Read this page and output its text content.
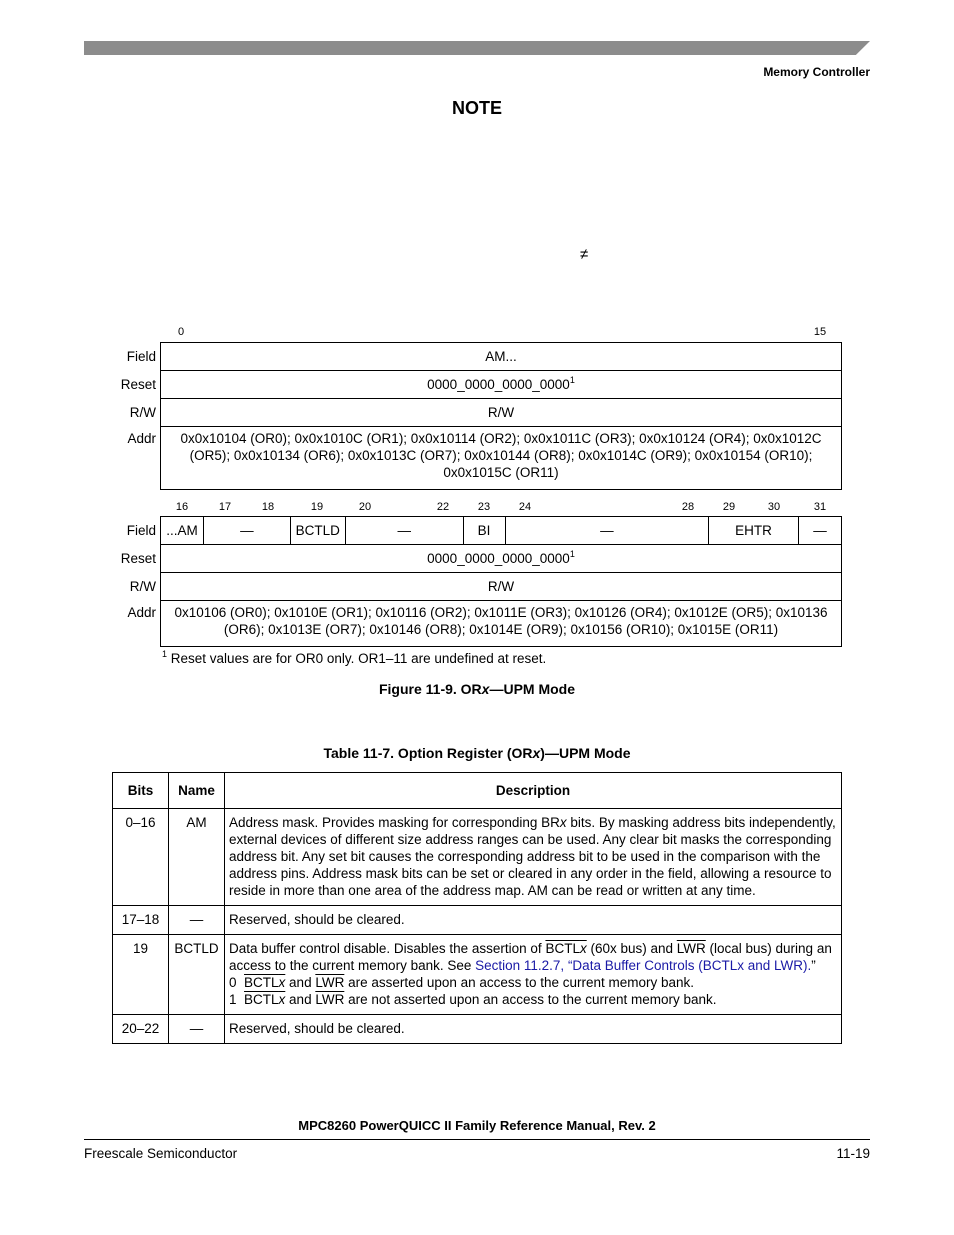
Memory Controller
NOTE
≠
0	15
Field	AM...
Reset	0000_0000_0000_0000$^1$
R/W	R/W
Addr	0x0x10104 (OR0); 0x0x1010C (OR1); 0x0x10114 (OR2); 0x0x1011C (OR3); 0x0x10124 (OR4); 0x0x1012C
(OR5); 0x0x10134 (OR6); 0x0x1013C (OR7); 0x0x10144 (OR8); 0x0x1014C (OR9); 0x0x10154 (OR10);
0x0x1015C (OR11)
16	17	18	19	20	22	23	24	28	29	30	31
Field	...AM	—	BCTLD	—	BI	—	EHTR	—
Reset	0000_0000_0000_0000$^1$
R/W	R/W							
Addr	0x10106 (OR0); 0x1010E (OR1); 0x10116 (OR2); 0x1011E (OR3); 0x10126 (OR4); 0x1012E (OR5); 0x10136
(OR6); 0x1013E (OR7); 0x10146 (OR8); 0x1014E (OR9); 0x10156 (OR10); 0x1015E (OR11)							
$^1$ Reset values are for OR0 only. OR1–11 are undefined at reset.
Figure 11-9. ORx—UPM Mode
Table 11-7. Option Register (ORx)—UPM Mode
Bits	Name	Description
0–16	AM	Address mask. Provides masking for corresponding BRx bits. By masking address bits independently, external devices of different size address ranges can be used. Any clear bit masks the corresponding address bit. Any set bit causes the corresponding address bit to be used in the comparison with the address pins. Address mask bits can be set or cleared in any order in the field, allowing a resource to reside in more than one area of the address map. AM can be read or written at any time.
17–18	—	Reserved, should be cleared.
19	BCTLD	Data buffer control disable. Disables the assertion of BCTLx (60x bus) and $\overline{LWR}$ (local bus) during an access to the current memory bank. See Section 11.2.7, “Data Buffer Controls (BCTLx and LWR).”
0 BCTLx and $\overline{LWR}$ are asserted upon an access to the current memory bank.
1 BCTLx and $\overline{LWR}$ are not asserted upon an access to the current memory bank.

20–22	—	Reserved, should be cleared.
MPC8260 PowerQUICC II Family Reference Manual, Rev. 2
Freescale Semiconductor	11-19
